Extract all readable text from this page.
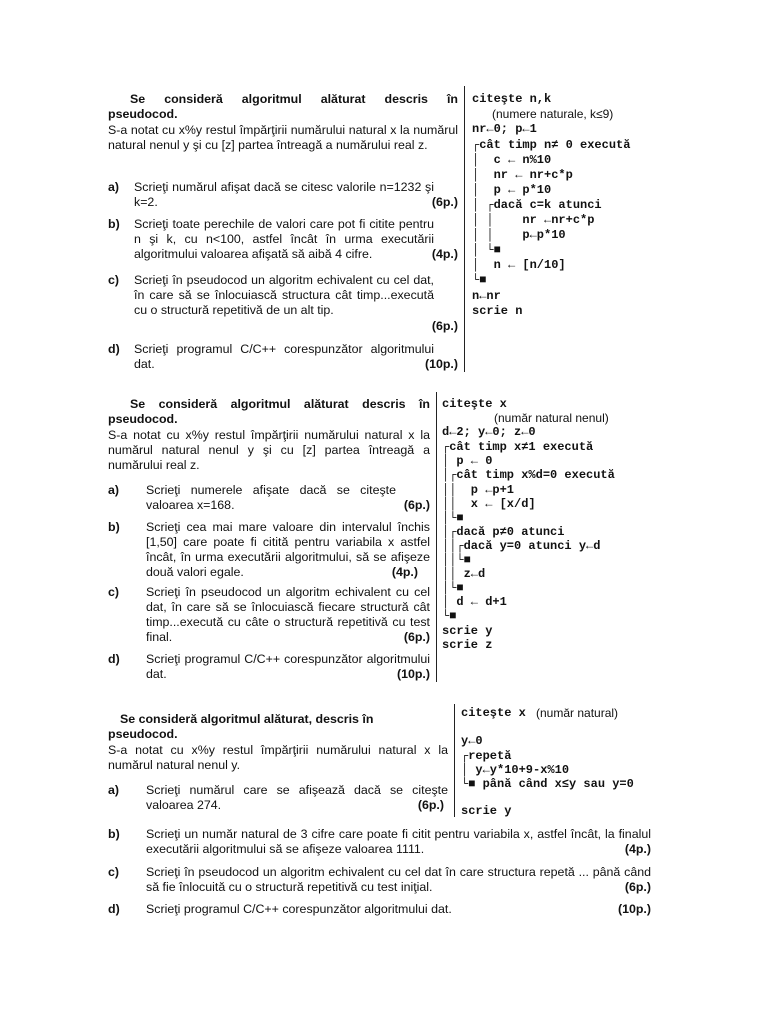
Se consideră algoritmul alăturat descris în

pseudocod.

S-a notat cu x%y restul împărţirii numărului natural x la numărul natural nenul y şi cu [z] partea întreagă a numărului real z.

a) Scrieţi numărul afişat dacă se citesc valorile n=1232 şi k=2.	(6p.)
b) Scrieţi toate perechile de valori care pot fi citite pentru n şi k, cu n<100, astfel încât în urma executării algoritmului valoarea afişată să aibă 4 cifre.	(4p.)
c) Scrieţi în pseudocod un algoritm echivalent cu cel dat, în care să se înlocuiască structura cât timp...execută cu o structură repetitivă de un alt tip.
(6p.)
d) Scrieţi programul C/C++ corespunzător algoritmului dat.	(10p.)

citeşte n,k

(numere naturale, k≤9)

nr←0; p←1

┌cât timp n≠ 0 execută

│  c ← n%10

│  nr ← nr+c*p

│  p ← p*10

│ ┌dacă c=k atunci

│ │    nr ←nr+c*p

│ │    p←p*10

│ └■

│  n ← [n/10]

└■

n←nr

scrie n

Se consideră algoritmul alăturat descris în

pseudocod.

S-a notat cu x%y restul împărţirii numărului natural x la numărul natural nenul y şi cu [z] partea întreagă a numărului real z.

a) Scrieţi numerele afişate dacă se citeşte valoarea x=168.	(6p.)
b) Scrieţi cea mai mare valoare din intervalul închis [1,50] care poate fi citită pentru variabila x astfel încât, în urma executării algoritmului, să se afişeze două valori egale.	(4p.)
c) Scrieţi în pseudocod un algoritm echivalent cu cel dat, în care să se înlocuiască fiecare structură cât timp...execută cu câte o structură repetitivă cu test final.	(6p.)
d) Scrieţi programul C/C++ corespunzător algoritmului dat.	(10p.)

citeşte x

(număr natural nenul)

d←2; y←0; z←0

┌cât timp x≠1 execută

│ p ← 0

│┌cât timp x%d=0 execută

││  p ←p+1

││  x ← [x/d]

│└■

│┌dacă p≠0 atunci

││┌dacă y=0 atunci y←d

││└■

││ z←d

│└■

│ d ← d+1

└■

scrie y

scrie z

Se consideră algoritmul alăturat, descris în

pseudocod.

S-a notat cu x%y restul împărţirii numărului natural x la numărul natural nenul y.

a) Scrieţi numărul care se afişează dacă se citeşte valoarea 274.	(6p.)

citeşte x

(număr natural)

y←0

┌repetă

│ y←y*10+9-x%10

└■ până când x≤y sau y=0

scrie y

b) Scrieţi un număr natural de 3 cifre care poate fi citit pentru variabila x, astfel încât, la finalul executării algoritmului să se afişeze valoarea 1111.	(4p.)
c) Scrieţi în pseudocod un algoritm echivalent cu cel dat în care structura repetă ... până când să fie înlocuită cu o structură repetitivă cu test iniţial.	(6p.)
d) Scrieţi programul C/C++ corespunzător algoritmului dat.	(10p.)
